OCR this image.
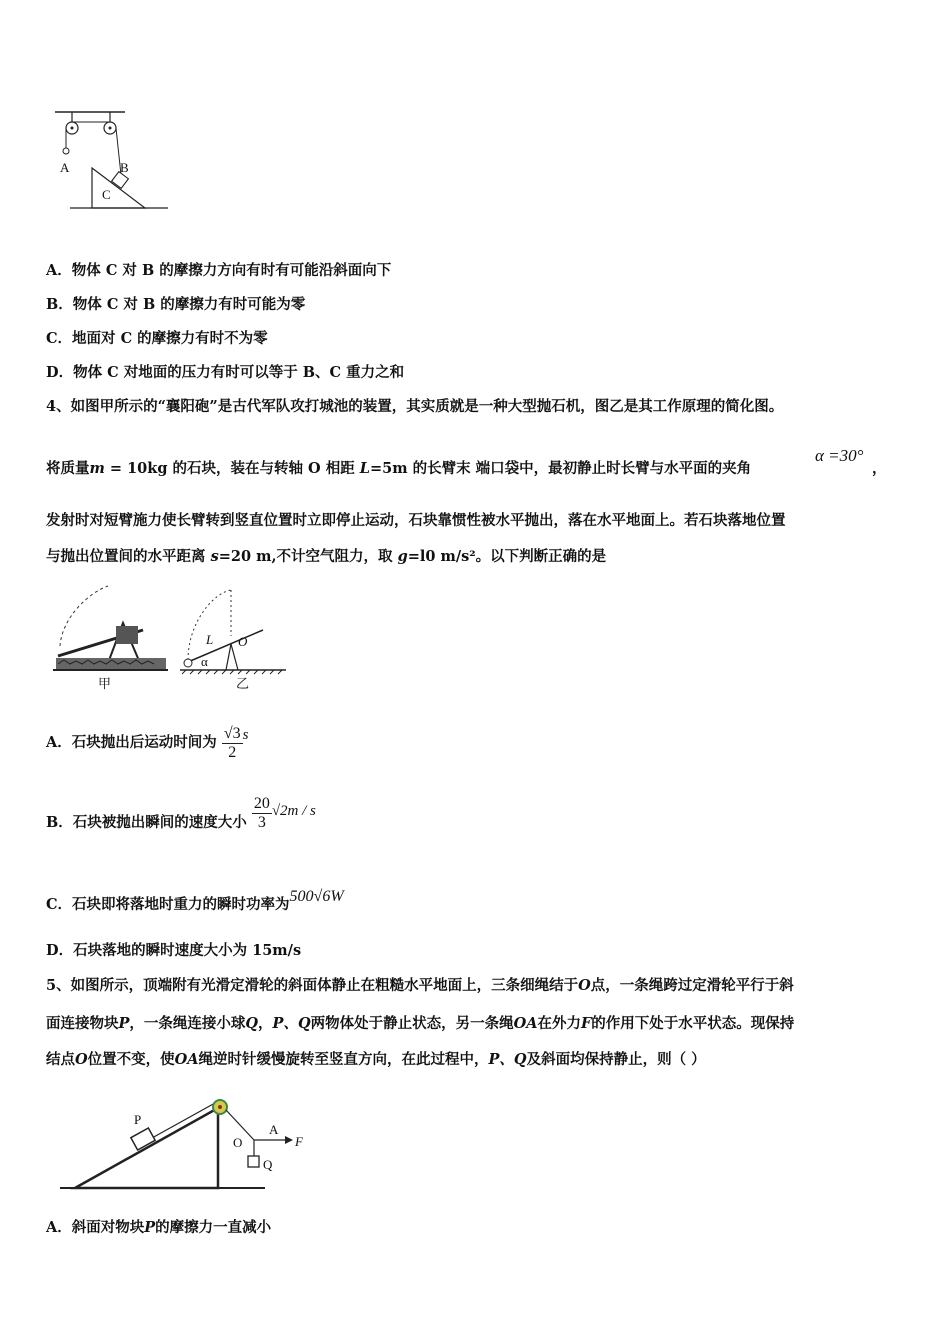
A	B
C
A．物体 C 对 B 的摩擦力方向有时有可能沿斜面向下
B．物体 C 对 B 的摩擦力有时可能为零
C．地面对 C 的摩擦力有时不为零
D．物体 C 对地面的压力有时可以等于 B、C 重力之和
4、如图甲所示的“襄阳砲”是古代军队攻打城池的装置，其实质就是一种大型抛石机，图乙是其工作原理的简化图。
将质量m = 10kg 的石块，装在与转轴 O 相距 L=5m 的长臂末 端口袋中，最初静止时长臂与水平面的夹角
α =30°
，
发射时对短臂施力使长臂转到竖直位置时立即停止运动，石块靠惯性被水平抛出，落在水平地面上。若石块落地位置
与抛出位置间的水平距离 s=20 m,不计空气阻力，取 g=l0 m/s²。以下判断正确的是
甲
L O
α
乙
A．石块抛出后运动时间为 $\frac{√3}{2}$ s
B．石块被抛出瞬间的速度大小 $\frac{20}{3} √2m$ / s
C．石块即将落地时重力的瞬时功率为500√6W
D．石块落地的瞬时速度大小为 15m/s
5、如图所示，顶端附有光滑定滑轮的斜面体静止在粗糙水平地面上，三条细绳结于O点，一条绳跨过定滑轮平行于斜
面连接物块P，一条绳连接小球Q，P、Q两物体处于静止状态，另一条绳OA在外力F的作用下处于水平状态。现保持
结点O位置不变，使OA绳逆时针缓慢旋转至竖直方向，在此过程中，P、Q及斜面均保持静止，则（ ）
P
O
A
F
Q
A．斜面对物块P的摩擦力一直减小
